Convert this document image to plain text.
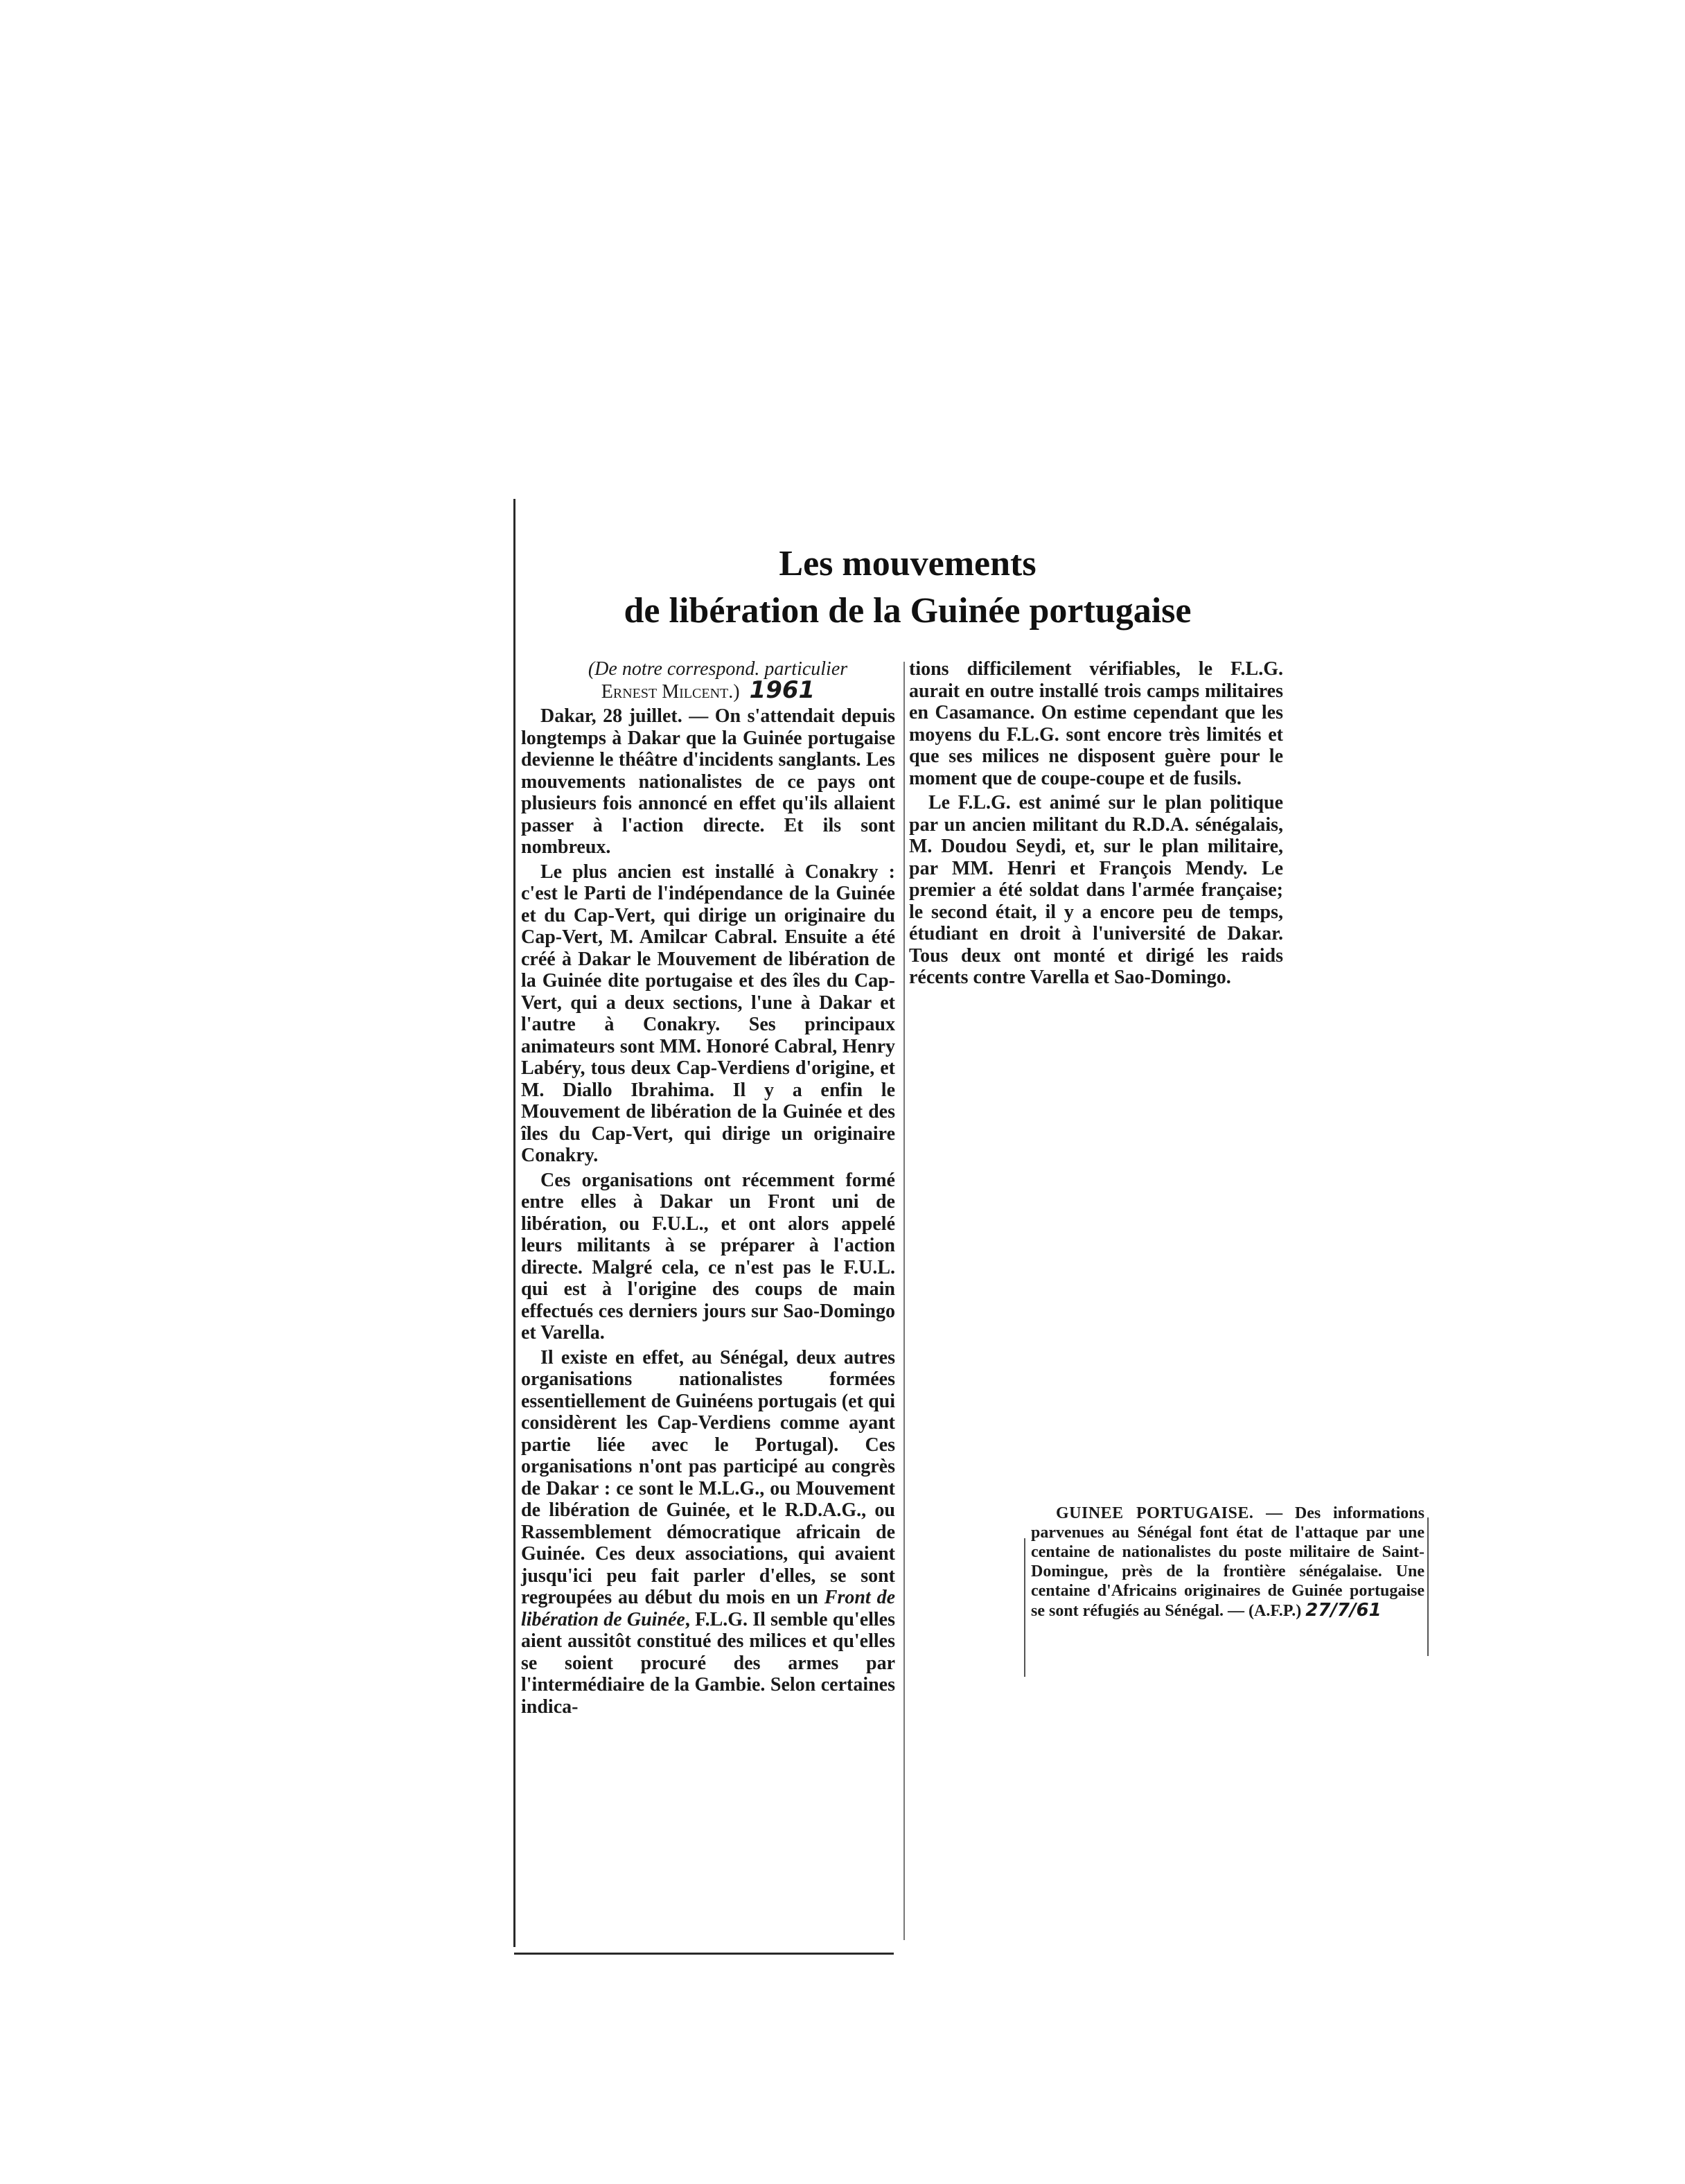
Les mouvements
de libération de la Guinée portugaise

(De notre correspond. particulier
Ernest Milcent.) 1961

Dakar, 28 juillet. — On s'attendait depuis longtemps à Dakar que la Guinée portugaise devienne le théâtre d'incidents sanglants. Les mouvements nationalistes de ce pays ont plusieurs fois annoncé en effet qu'ils allaient passer à l'action directe. Et ils sont nombreux.

Le plus ancien est installé à Conakry : c'est le Parti de l'indépendance de la Guinée et du Cap-Vert, qui dirige un originaire du Cap-Vert, M. Amilcar Cabral. Ensuite a été créé à Dakar le Mouvement de libération de la Guinée dite portugaise et des îles du Cap-Vert, qui a deux sections, l'une à Dakar et l'autre à Conakry. Ses principaux animateurs sont MM. Honoré Cabral, Henry Labéry, tous deux Cap-Verdiens d'origine, et M. Diallo Ibrahima. Il y a enfin le Mouvement de libération de la Guinée et des îles du Cap-Vert, qui dirige un originaire Conakry.

Ces organisations ont récemment formé entre elles à Dakar un Front uni de libération, ou F.U.L., et ont alors appelé leurs militants à se préparer à l'action directe. Malgré cela, ce n'est pas le F.U.L. qui est à l'origine des coups de main effectués ces derniers jours sur Sao-Domingo et Varella.

Il existe en effet, au Sénégal, deux autres organisations nationalistes formées essentiellement de Guinéens portugais (et qui considèrent les Cap-Verdiens comme ayant partie liée avec le Portugal). Ces organisations n'ont pas participé au congrès de Dakar : ce sont le M.L.G., ou Mouvement de libération de Guinée, et le R.D.A.G., ou Rassemblement démocratique africain de Guinée. Ces deux associations, qui avaient jusqu'ici peu fait parler d'elles, se sont regroupées au début du mois en un Front de libération de Guinée, F.L.G. Il semble qu'elles aient aussitôt constitué des milices et qu'elles se soient procuré des armes par l'intermédiaire de la Gambie. Selon certaines indica-

tions difficilement vérifiables, le F.L.G. aurait en outre installé trois camps militaires en Casamance. On estime cependant que les moyens du F.L.G. sont encore très limités et que ses milices ne disposent guère pour le moment que de coupe-coupe et de fusils.

Le F.L.G. est animé sur le plan politique par un ancien militant du R.D.A. sénégalais, M. Doudou Seydi, et, sur le plan militaire, par MM. Henri et François Mendy. Le premier a été soldat dans l'armée française; le second était, il y a encore peu de temps, étudiant en droit à l'université de Dakar. Tous deux ont monté et dirigé les raids récents contre Varella et Sao-Domingo.

GUINEE PORTUGAISE. — Des informations parvenues au Sénégal font état de l'attaque par une centaine de nationalistes du poste militaire de Saint-Domingue, près de la frontière sénégalaise. Une centaine d'Africains originaires de Guinée portugaise se sont réfugiés au Sénégal. — (A.F.P.) 27/7/61
